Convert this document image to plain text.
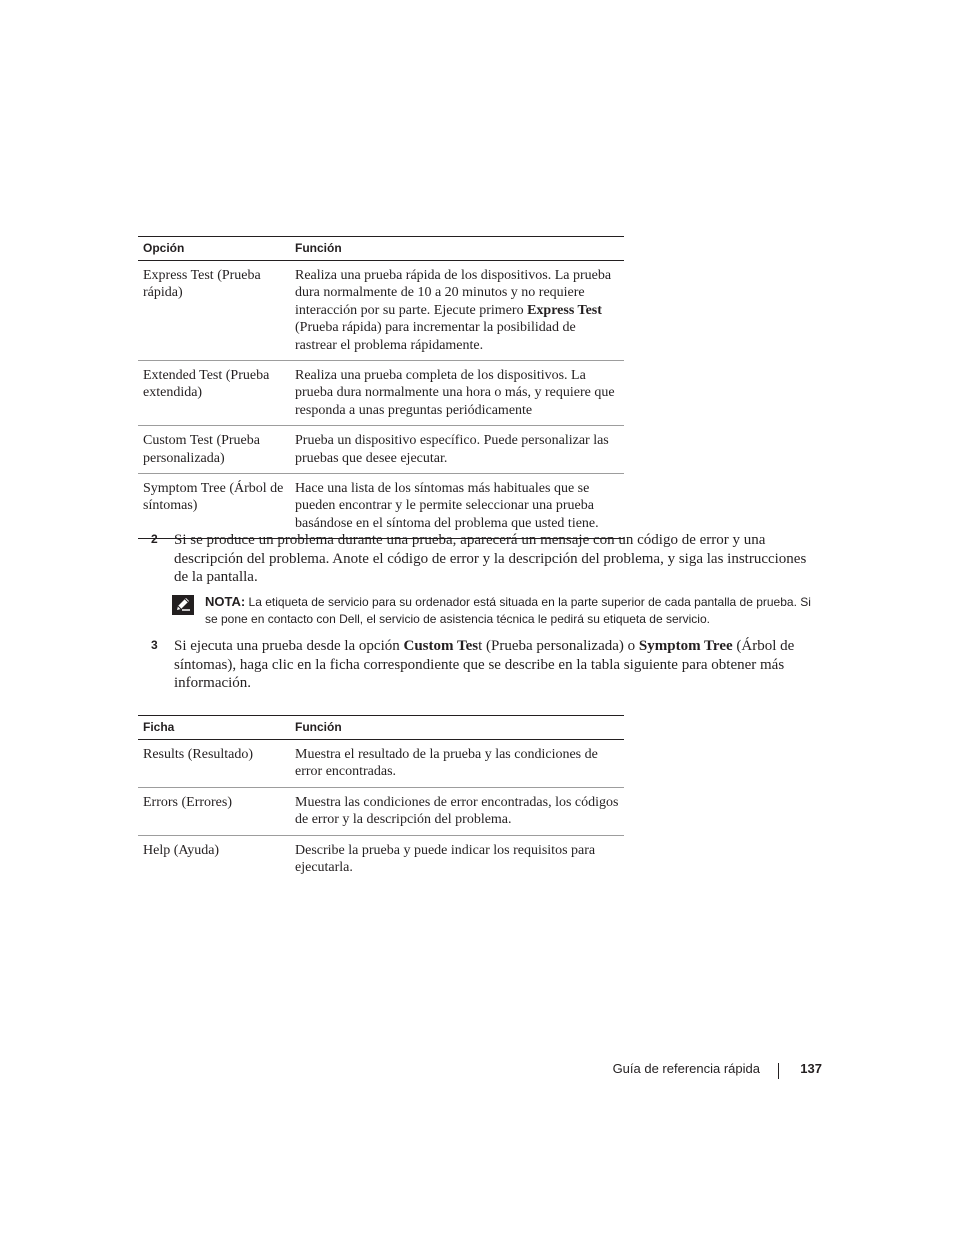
Opción	Función
Express Test (Prueba rápida)	Realiza una prueba rápida de los dispositivos. La prueba dura normalmente de 10 a 20 minutos y no requiere interacción por su parte. Ejecute primero Express Test (Prueba rápida) para incrementar la posibilidad de rastrear el problema rápidamente.
Extended Test (Prueba extendida)	Realiza una prueba completa de los dispositivos. La prueba dura normalmente una hora o más, y requiere que responda a unas preguntas periódicamente
Custom Test (Prueba personalizada)	Prueba un dispositivo específico. Puede personalizar las pruebas que desee ejecutar.
Symptom Tree (Árbol de síntomas)	Hace una lista de los síntomas más habituales que se pueden encontrar y le permite seleccionar una prueba basándose en el síntoma del problema que usted tiene.
2 Si se produce un problema durante una prueba, aparecerá un mensaje con un código de error y una descripción del problema. Anote el código de error y la descripción del problema, y siga las instrucciones de la pantalla.
NOTA: La etiqueta de servicio para su ordenador está situada en la parte superior de cada pantalla de prueba. Si se pone en contacto con Dell, el servicio de asistencia técnica le pedirá su etiqueta de servicio.
3 Si ejecuta una prueba desde la opción Custom Test (Prueba personalizada) o Symptom Tree (Árbol de síntomas), haga clic en la ficha correspondiente que se describe en la tabla siguiente para obtener más información.
Ficha	Función
Results (Resultado)	Muestra el resultado de la prueba y las condiciones de error encontradas.
Errors (Errores)	Muestra las condiciones de error encontradas, los códigos de error y la descripción del problema.
Help (Ayuda)	Describe la prueba y puede indicar los requisitos para ejecutarla.
Guía de referencia rápida	137
